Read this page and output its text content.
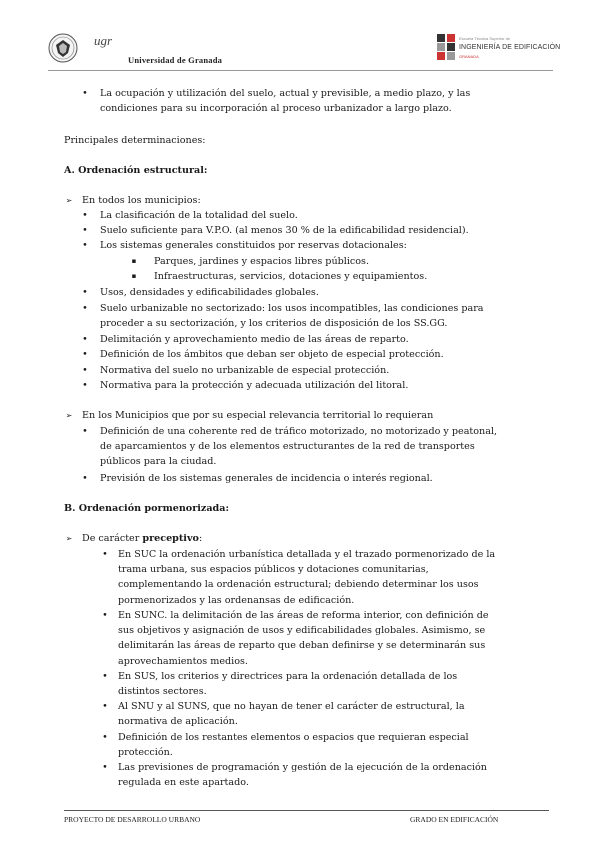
ugr
Universidad de Granada
Escuela Técnica Superior de
INGENIERÍA DE EDIFICACIÓN
GRANADA
•	La ocupación y utilización del suelo, actual y previsible, a medio plazo, y las

condiciones para su incorporación al proceso urbanizador a largo plazo.

Principales determinaciones:

A. Ordenación estructural:

➢	En todos los municipios:

•	La clasificación de la totalidad del suelo.

•	Suelo suficiente para V.P.O. (al menos 30 % de la edificabilidad residencial).

•	Los sistemas generales constituidos por reservas dotacionales:

▪	Parques, jardines y espacios libres públicos.

▪	Infraestructuras, servicios, dotaciones y equipamientos.

•	Usos, densidades y edificabilidades globales.

•	Suelo urbanizable no sectorizado: los usos incompatibles, las condiciones para

proceder a su sectorización, y los criterios de disposición de los SS.GG.

•	Delimitación y aprovechamiento medio de las áreas de reparto.

•	Definición de los ámbitos que deban ser objeto de especial protección.

•	Normativa del suelo no urbanizable de especial protección.

•	Normativa para la protección y adecuada utilización del litoral.

➢	En los Municipios que por su especial relevancia territorial lo requieran

•	Definición de una coherente red de tráfico motorizado, no motorizado y peatonal,

de aparcamientos y de los elementos estructurantes de la red de transportes

públicos para la ciudad.

•	Previsión de los sistemas generales de incidencia o interés regional.

B. Ordenación pormenorizada:

➢	De carácter preceptivo:

•	En SUC la ordenación urbanística detallada y el trazado pormenorizado de la

trama urbana, sus espacios públicos y dotaciones comunitarias,

complementando la ordenación estructural; debiendo determinar los usos

pormenorizados y las ordenansas de edificación.

•	En SUNC. la delimitación de las áreas de reforma interior, con definición de

sus objetivos y asignación de usos y edificabilidades globales. Asimismo, se

delimitarán las áreas de reparto que deban definirse y se determinarán sus

aprovechamientos medios.

•	En SUS, los criterios y directrices para la ordenación detallada de los

distintos sectores.

•	Al SNU y al SUNS, que no hayan de tener el carácter de estructural, la

normativa de aplicación.

•	Definición de los restantes elementos o espacios que requieran especial

protección.

•	Las previsiones de programación y gestión de la ejecución de la ordenación

regulada en este apartado.

PROYECTO DE DESARROLLO URBANO	GRADO EN EDIFICACIÓN
